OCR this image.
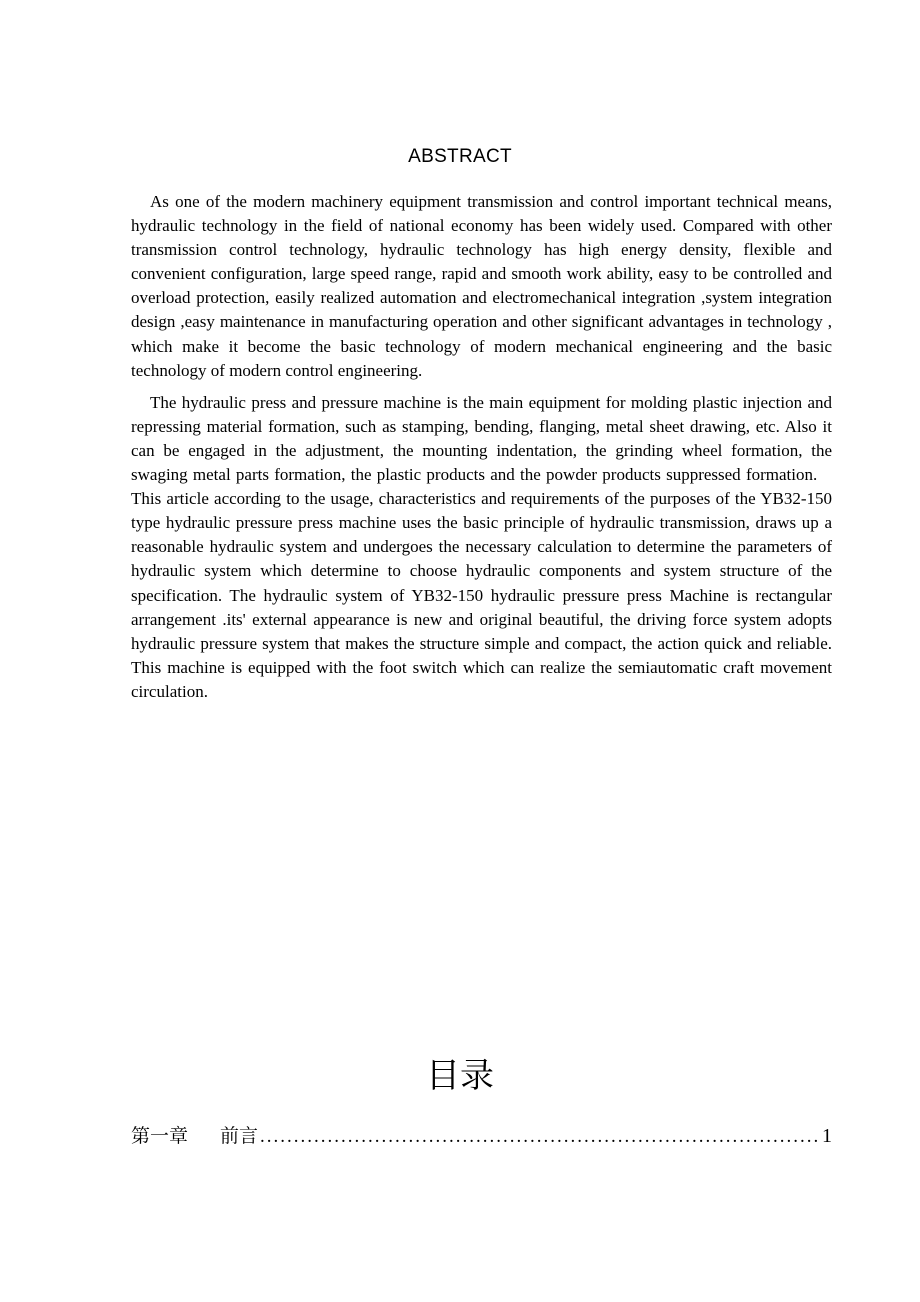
ABSTRACT

As one of the modern machinery equipment transmission and control important technical means, hydraulic technology in the field of national economy has been widely used. Compared with other transmission control technology, hydraulic technology has high energy density, flexible and convenient configuration, large speed range, rapid and smooth work ability, easy to be controlled and overload protection, easily realized automation and electromechanical integration ,system integration design ,easy maintenance in manufacturing operation and other significant advantages in technology , which make it become the basic technology of modern mechanical engineering and the basic technology of modern control engineering.

The hydraulic press and pressure machine is the main equipment for molding plastic injection and repressing material formation, such as stamping, bending, flanging, metal sheet drawing, etc. Also it can be engaged in the adjustment, the mounting indentation, the grinding wheel formation, the swaging metal parts formation, the plastic products and the powder products suppressed formation.    This article according to the usage, characteristics and requirements of the purposes of the YB32-150 type hydraulic pressure press machine uses the basic principle of hydraulic transmission, draws up a reasonable hydraulic system and undergoes the necessary calculation to determine the parameters of hydraulic system which determine to choose hydraulic components and system structure of the specification. The hydraulic system of YB32-150 hydraulic pressure press Machine is rectangular arrangement .its' external appearance is new and original beautiful, the driving force system adopts hydraulic pressure system that makes the structure simple and compact, the action quick and reliable. This machine is equipped with the foot switch which can realize the semiautomatic craft movement circulation.

目录
第一章 前言
.....	1
